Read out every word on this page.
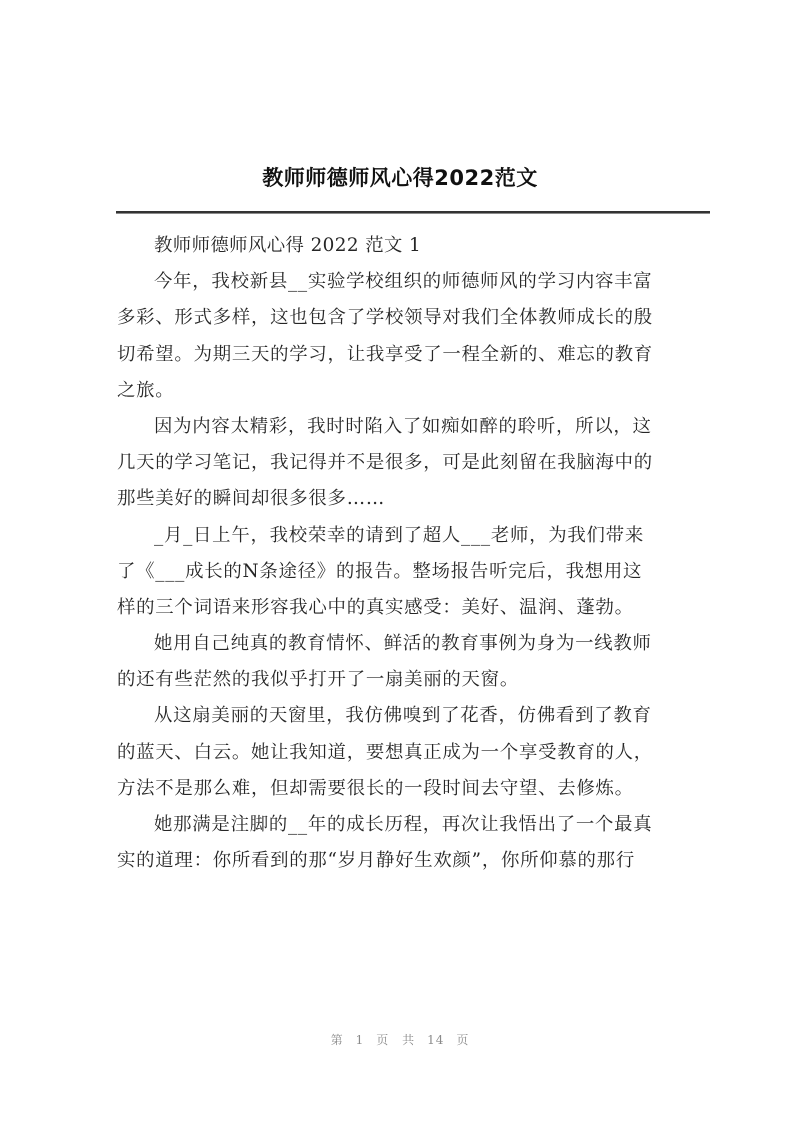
教师师德师风心得2022范文
教师师德师风心得 2022 范文 1
今年，我校新县__实验学校组织的师德师风的学习内容丰富
多彩、形式多样，这也包含了学校领导对我们全体教师成长的殷
切希望。为期三天的学习，让我享受了一程全新的、难忘的教育
之旅。
因为内容太精彩，我时时陷入了如痴如醉的聆听，所以，这
几天的学习笔记，我记得并不是很多，可是此刻留在我脑海中的
那些美好的瞬间却很多很多……
_月_日上午，我校荣幸的请到了超人___老师，为我们带来
了《___成长的N条途径》的报告。整场报告听完后，我想用这
样的三个词语来形容我心中的真实感受：美好、温润、蓬勃。
她用自己纯真的教育情怀、鲜活的教育事例为身为一线教师
的还有些茫然的我似乎打开了一扇美丽的天窗。
从这扇美丽的天窗里，我仿佛嗅到了花香，仿佛看到了教育
的蓝天、白云。她让我知道，要想真正成为一个享受教育的人，
方法不是那么难，但却需要很长的一段时间去守望、去修炼。
她那满是注脚的__年的成长历程，再次让我悟出了一个最真
实的道理：你所看到的那“岁月静好生欢颜”，你所仰慕的那行
第 1 页 共 14 页
